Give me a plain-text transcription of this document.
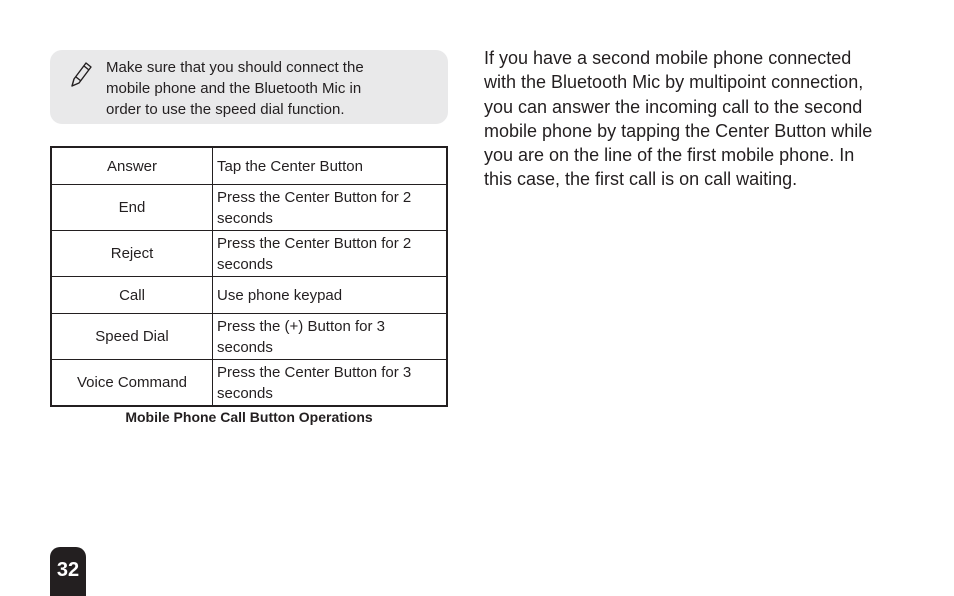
Make sure that you should connect the
mobile phone and the Bluetooth Mic in
order to use the speed dial function.
Answer	Tap the Center Button
End	Press the Center Button for 2 seconds
Reject	Press the Center Button for 2 seconds
Call	Use phone keypad
Speed Dial	Press the (+) Button for 3 seconds
Voice Command	Press the Center Button for 3 seconds
Mobile Phone Call Button Operations
If you have a second mobile phone connected
with the Bluetooth Mic by multipoint connection,
you can answer the incoming call to the second
mobile phone by tapping the Center Button while
you are on the line of the first mobile phone. In
this case, the first call is on call waiting.
32
